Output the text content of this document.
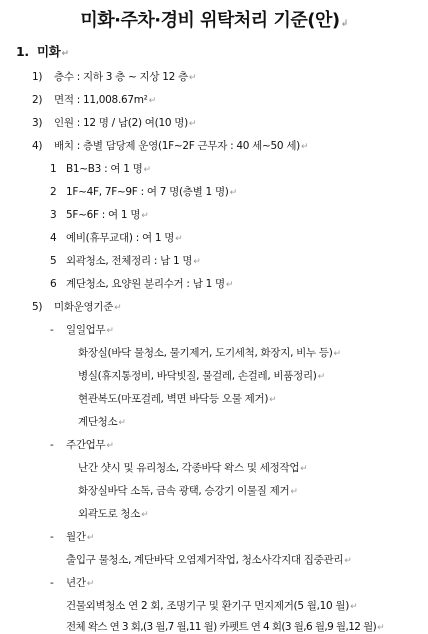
미화·주차·경비 위탁처리 기준(안) ↲
1. 미화 ↵
1) 층수 : 지하 3 층 ~ 지상 12 층 ↵
2) 면적 : 11,008.67m² ↵
3) 인원 : 12 명 / 남(2) 여(10 명) ↵
4) 배치 : 층별 담당제 운영(1F~2F 근무자 : 40 세~50 세) ↵
1 B1~B3 : 여 1 명 ↵
2 1F~4F, 7F~9F : 여 7 명(층별 1 명) ↵
3 5F~6F : 여 1 명 ↵
4 예비(휴무교대) : 여 1 명 ↵
5 외곽청소, 전체정리 : 남 1 명 ↵
6 계단청소, 요양원 분리수거 : 남 1 명 ↵
5) 미화운영기준 ↵
- 일일업무 ↵
화장실(바닥 물청소, 물기제거, 도기세척, 화장지, 비누 등) ↵
병실(휴지통정비, 바닥빗질, 물걸레, 손걸레, 비품정리) ↵
현관복도(마포걸레, 벽면 바닥등 오물 제거) ↵
계단청소 ↵
- 주간업무 ↵
난간 샷시 및 유리청소, 각종바닥 왁스 및 세정작업 ↵
화장실바닥 소독, 금속 광택, 승강기 이물질 제거 ↵
외곽도로 청소 ↵
- 월간 ↵
출입구 물청소, 계단바닥 오염제거작업, 청소사각지대 집중관리 ↵
- 년간 ↵
건물외벽청소 연 2 회, 조명기구 및 환기구 먼지제거(5 월,10 월) ↵
전체 왁스 연 3 회,(3 월,7 월,11 월) 카펫트 연 4 회(3 월,6 월,9 월,12 월) ↵
